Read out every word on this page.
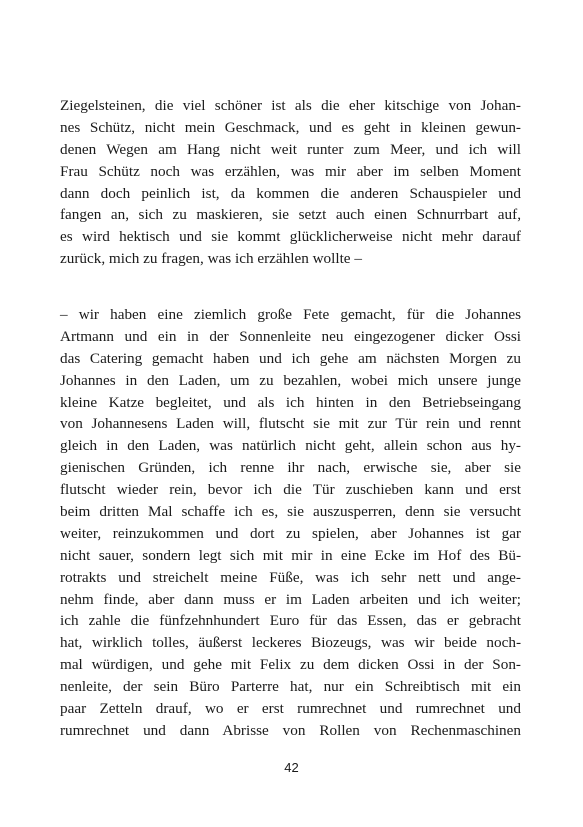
Ziegelsteinen, die viel schöner ist als die eher kitschige von Johan-
nes Schütz, nicht mein Geschmack, und es geht in kleinen gewun-
denen Wegen am Hang nicht weit runter zum Meer, und ich will
Frau Schütz noch was erzählen, was mir aber im selben Moment
dann doch peinlich ist, da kommen die anderen Schauspieler und
fangen an, sich zu maskieren, sie setzt auch einen Schnurrbart auf,
es wird hektisch und sie kommt glücklicherweise nicht mehr darauf
zurück, mich zu fragen, was ich erzählen wollte –
– wir haben eine ziemlich große Fete gemacht, für die Johannes
Artmann und ein in der Sonnenleite neu eingezogener dicker Ossi
das Catering gemacht haben und ich gehe am nächsten Morgen zu
Johannes in den Laden, um zu bezahlen, wobei mich unsere junge
kleine Katze begleitet, und als ich hinten in den Betriebseingang
von Johannesens Laden will, flutscht sie mit zur Tür rein und rennt
gleich in den Laden, was natürlich nicht geht, allein schon aus hy-
gienischen Gründen, ich renne ihr nach, erwische sie, aber sie
flutscht wieder rein, bevor ich die Tür zuschieben kann und erst
beim dritten Mal schaffe ich es, sie auszusperren, denn sie versucht
weiter, reinzukommen und dort zu spielen, aber Johannes ist gar
nicht sauer, sondern legt sich mit mir in eine Ecke im Hof des Bü-
rotrakts und streichelt meine Füße, was ich sehr nett und ange-
nehm finde, aber dann muss er im Laden arbeiten und ich weiter;
ich zahle die fünfzehnhundert Euro für das Essen, das er gebracht
hat, wirklich tolles, äußerst leckeres Biozeugs, was wir beide noch-
mal würdigen, und gehe mit Felix zu dem dicken Ossi in der Son-
nenleite, der sein Büro Parterre hat, nur ein Schreibtisch mit ein
paar Zetteln drauf, wo er erst rumrechnet und rumrechnet und
rumrechnet und dann Abrisse von Rollen von Rechenmaschinen
42
